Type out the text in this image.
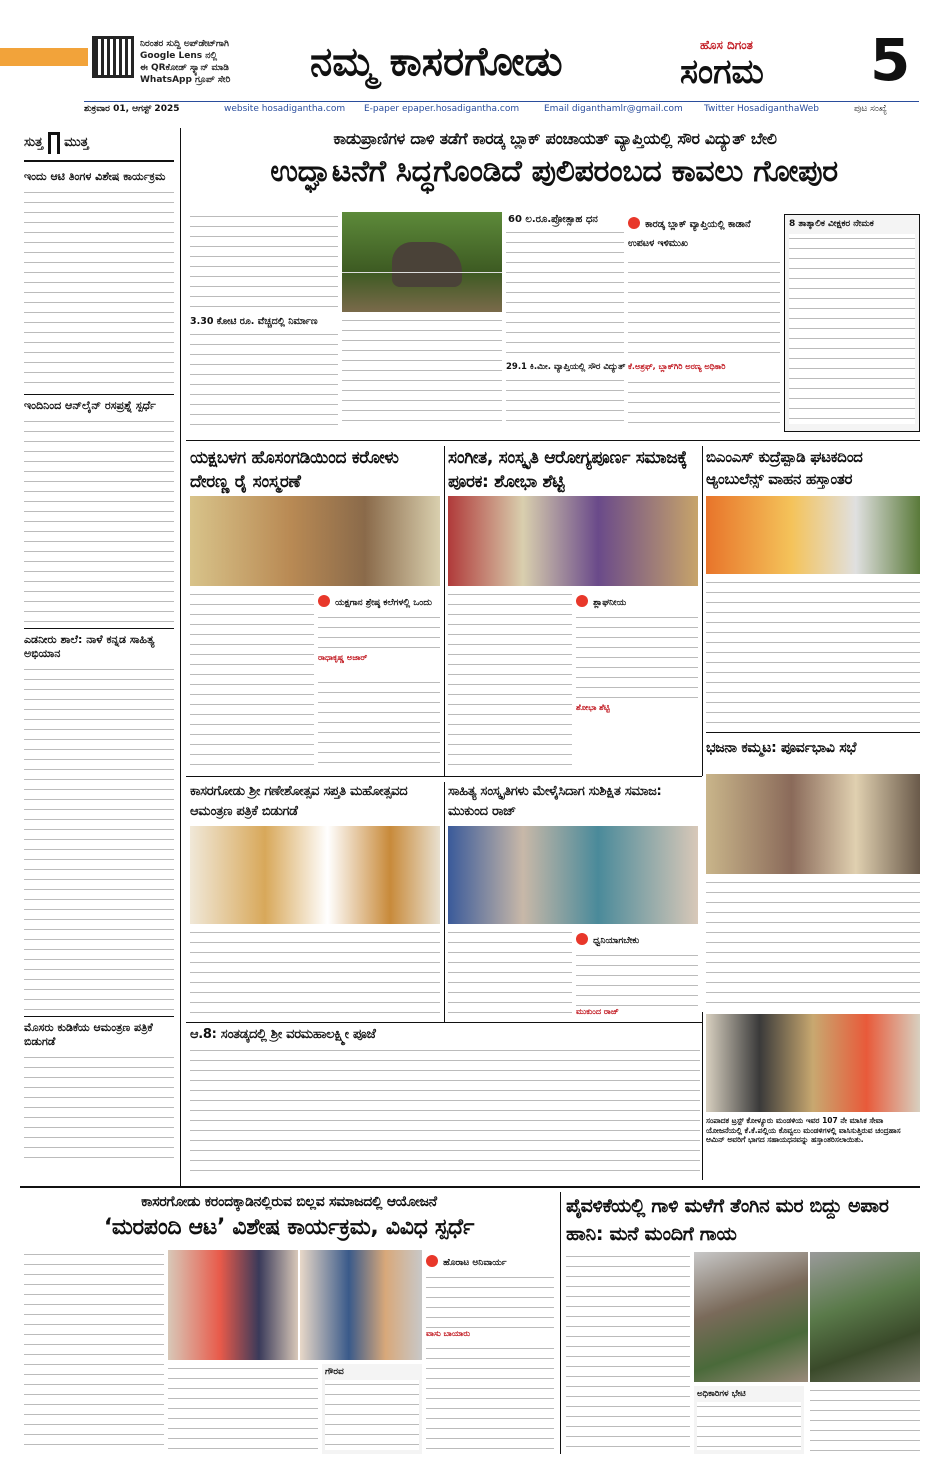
ನಿರಂತರ ಸುದ್ದಿ ಅಪ್‌ಡೇಟ್‌ಗಾಗಿ
Google Lens ನಲ್ಲಿ
ಈ QRಕೋಡ್ ಸ್ಕ್ಯಾನ್ ಮಾಡಿ
WhatsApp ಗ್ರೂಪ್ ಸೇರಿ	ನಮ್ಮ ಕಾಸರಗೋಡು	ಹೊಸ ದಿಗಂತ
ಸಂಗಮ 5
ಶುಕ್ರವಾರ 01, ಆಗಸ್ಟ್ 2025	website hosadigantha.com E-paper epaper.hosadigantha.com	Email diganthamlr@gmail.com Twitter HosadiganthaWeb	ಪುಟ ಸಂಖ್ಯೆ
ಸುತ್ತ ಮುತ್ತ
ಇಂದು ಆಟಿ ತಿಂಗಳ ವಿಶೇಷ ಕಾರ್ಯಕ್ರಮ
ಇಂದಿನಿಂದ ಆನ್‌ಲೈನ್ ರಸಪ್ರಶ್ನೆ ಸ್ಪರ್ಧೆ
ಎಡನೀರು ಶಾಲೆ: ನಾಳೆ ಕನ್ನಡ ಸಾಹಿತ್ಯ ಅಭಿಯಾನ
ಮೊಸರು ಕುಡಿಕೆಯ ಆಮಂತ್ರಣ ಪತ್ರಿಕೆ ಬಿಡುಗಡೆ
ಕಾಡುಪ್ರಾಣಿಗಳ ದಾಳಿ ತಡೆಗೆ ಕಾರಡ್ಕ ಬ್ಲಾಕ್ ಪಂಚಾಯತ್ ವ್ಯಾಪ್ತಿಯಲ್ಲಿ ಸೌರ ವಿದ್ಯುತ್ ಬೇಲಿ
ಉದ್ಘಾಟನೆಗೆ ಸಿದ್ಧಗೊಂಡಿದೆ ಪುಲಿಪರಂಬದ ಕಾವಲು ಗೋಪುರ
3.30 ಕೋಟಿ ರೂ. ವೆಚ್ಚದಲ್ಲಿ ನಿರ್ಮಾಣ
60 ಲ.ರೂ.ಪ್ರೋತ್ಸಾಹ ಧನ
29.1 ಕಿ.ಮೀ. ವ್ಯಾಪ್ತಿಯಲ್ಲಿ ಸೌರ ವಿದ್ಯುತ್
ಕಾರಡ್ಕ ಬ್ಲಾಕ್ ವ್ಯಾಪ್ತಿಯಲ್ಲಿ ಕಾಡಾನೆ ಉಪಟಳ ಇಳಿಮುಖ
ಕೆ.ಅಶ್ರಫ್, ಬ್ಲಾಕ್‌ಗಿರಿ ಅರಣ್ಯ ಅಧಿಕಾರಿ
8 ತಾತ್ಕಾಲಿಕ ವೀಕ್ಷಕರ ನೇಮಕ
ಯಕ್ಷಬಳಗ ಹೊಸಂಗಡಿಯಿಂದ ಕರೋಳು ದೇರಣ್ಣ ರೈ ಸಂಸ್ಮರಣೆ
ಯಕ್ಷಗಾನ ಶ್ರೇಷ್ಠ ಕಲೆಗಳಲ್ಲಿ ಒಂದು
ರಾಧಾಕೃಷ್ಣ ಅಜಾರ್
ಸಂಗೀತ, ಸಂಸ್ಕೃತಿ ಆರೋಗ್ಯಪೂರ್ಣ ಸಮಾಜಕ್ಕೆ ಪೂರಕ: ಶೋಭಾ ಶೆಟ್ಟಿ
ಶ್ಲಾಘನೀಯ
ಶೋಭಾ ಶೆಟ್ಟಿ
ಬಿಎಂಎಸ್ ಕುದ್ರೆಪ್ಪಾಡಿ ಘಟಕದಿಂದ ಆ್ಯಂಬುಲೆನ್ಸ್ ವಾಹನ ಹಸ್ತಾಂತರ
ಭಜನಾ ಕಮ್ಮಟ: ಪೂರ್ವಭಾವಿ ಸಭೆ
ಕಾಸರಗೋಡು ಶ್ರೀ ಗಣೇಶೋತ್ಸವ ಸಪ್ತತಿ ಮಹೋತ್ಸವದ ಆಮಂತ್ರಣ ಪತ್ರಿಕೆ ಬಿಡುಗಡೆ
ಸಾಹಿತ್ಯ ಸಂಸ್ಕೃತಿಗಳು ಮೇಳೈಸಿದಾಗ ಸುಶಿಕ್ಷಿತ ಸಮಾಜ: ಮುಕುಂದ ರಾಜ್
ಧ್ವನಿಯಾಗಬೇಕು
ಮುಕುಂದ ರಾಜ್
ಆ.8: ಸಂತಡ್ಕದಲ್ಲಿ ಶ್ರೀ ವರಮಹಾಲಕ್ಷ್ಮೀ ಪೂಜೆ
ಸಂಪಾದಕ ಟ್ರಸ್ಟ್ ಕೋಳ್ಯೂರು ಮಂಡಳಿಯ ಇವರ 107 ನೇ ಮಾಸಿಕ ಸೇವಾ ಯೋಜನೆಯಲ್ಲಿ ಕೆ.ಕೆ.ಪಲ್ಲಿಯ ಕೊವ್ವಲು ಮಂಡಳಿಗಳಲ್ಲಿ ವಾಸಿಸುತ್ತಿರುವ ಚಂದ್ರಹಾಸ ಆಮಿನ್ ಅವರಿಗೆ ಭಾಗದ ಸಹಾಯಧನವನ್ನು ಹಸ್ತಾಂತರಿಸಲಾಯಿತು.
ಕಾಸರಗೋಡು ಕರಂದಕ್ಕಾಡಿನಲ್ಲಿರುವ ಬಿಲ್ಲವ ಸಮಾಜದಲ್ಲಿ ಆಯೋಜನೆ
‘ಮರಪಂದಿ ಆಟ’ ವಿಶೇಷ ಕಾರ್ಯಕ್ರಮ, ವಿವಿಧ ಸ್ಪರ್ಧೆ
ಗೌರವ
ಹೊರಾಟ ಅನಿವಾರ್ಯ
ವಾಸು ಬಾಯಾರು
ಪೈವಳಿಕೆಯಲ್ಲಿ ಗಾಳಿ ಮಳೆಗೆ ತೆಂಗಿನ ಮರ ಬಿದ್ದು ಅಪಾರ ಹಾನಿ: ಮನೆ ಮಂದಿಗೆ ಗಾಯ
ಅಧಿಕಾರಿಗಳ ಭೇಟಿ
